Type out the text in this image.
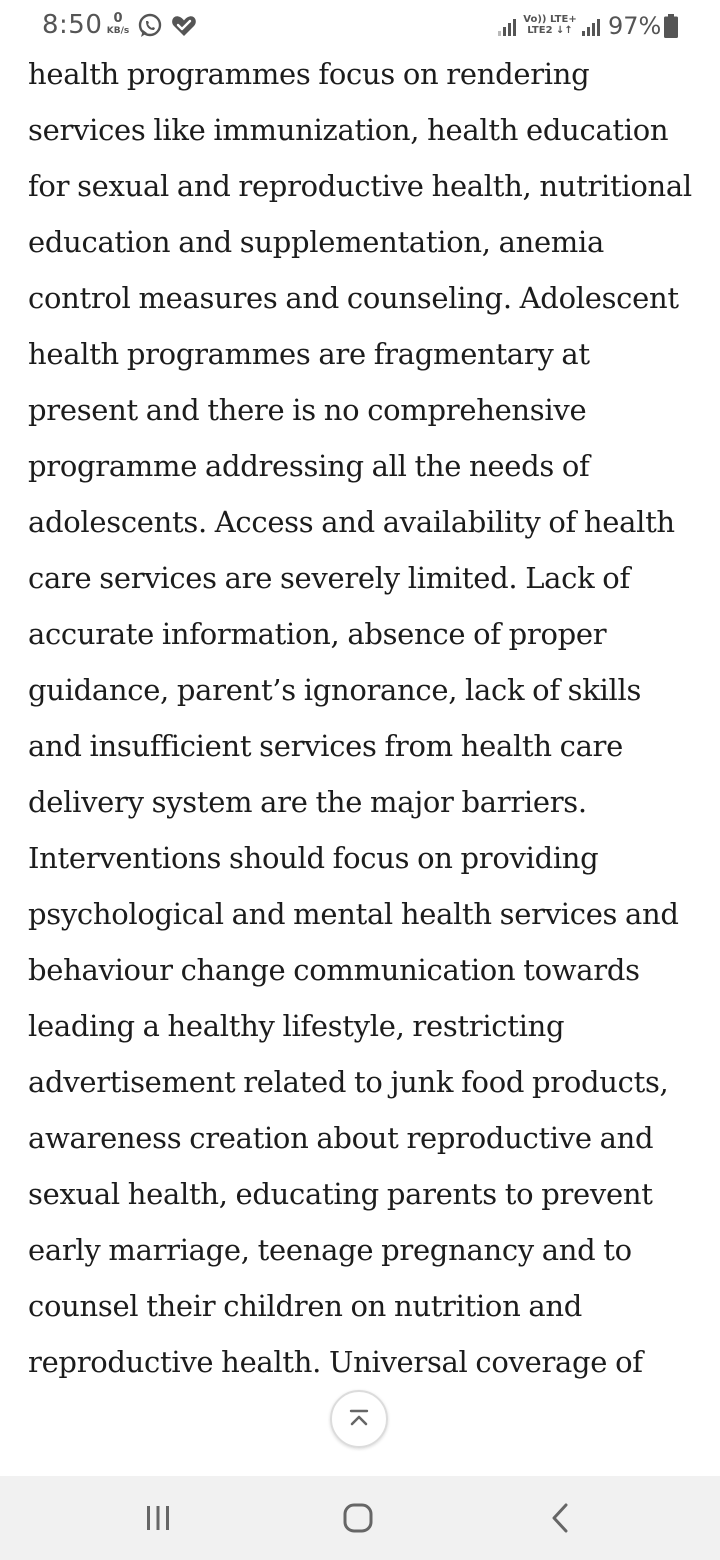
8:50 0
KB/s
Vo)) LTE+
LTE2 ↓↑ 97%

health programmes focus on rendering services like immunization, health education for sexual and reproductive health, nutritional education and supplementation, anemia control measures and counseling. Adolescent health programmes are fragmentary at present and there is no comprehensive programme addressing all the needs of adolescents. Access and availability of health care services are severely limited. Lack of accurate information, absence of proper guidance, parent’s ignorance, lack of skills and insufficient services from health care delivery system are the major barriers. Interventions should focus on providing psychological and mental health services and behaviour change communication towards leading a healthy lifestyle, restricting advertisement related to junk food products, awareness creation about reproductive and sexual health, educating parents to prevent early marriage, teenage pregnancy and to counsel their children on nutrition and reproductive health. Universal coverage of
